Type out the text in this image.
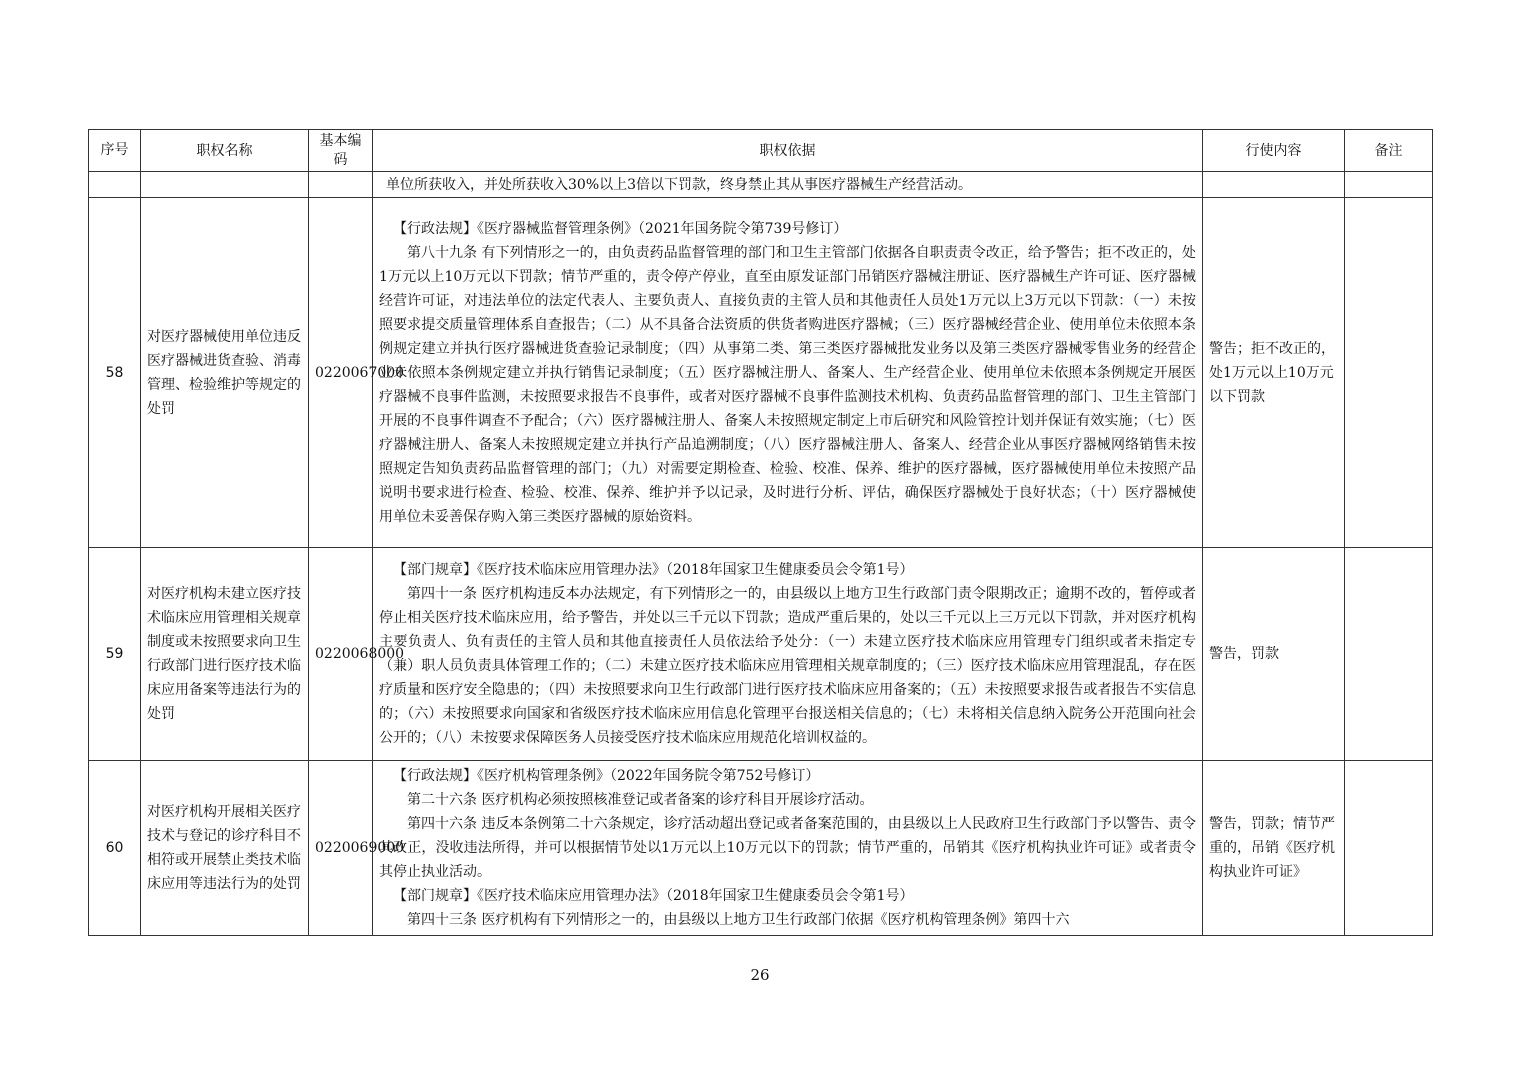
序号	职权名称	基本编码	职权依据	行使内容	备注

			单位所获收入，并处所获收入30%以上3倍以下罚款，终身禁止其从事医疗器械生产经营活动。		

58	对医疗器械使用单位违反医疗器械进货查验、消毒管理、检验维护等规定的处罚	0220067000	【行政法规】《医疗器械监督管理条例》（2021年国务院令第739号修订）

第八十九条 有下列情形之一的，由负责药品监督管理的部门和卫生主管部门依据各自职责责令改正，给予警告；拒不改正的，处1万元以上10万元以下罚款；情节严重的，责令停产停业，直至由原发证部门吊销医疗器械注册证、医疗器械生产许可证、医疗器械经营许可证，对违法单位的法定代表人、主要负责人、直接负责的主管人员和其他责任人员处1万元以上3万元以下罚款：（一）未按照要求提交质量管理体系自查报告；（二）从不具备合法资质的供货者购进医疗器械；（三）医疗器械经营企业、使用单位未依照本条例规定建立并执行医疗器械进货查验记录制度；（四）从事第二类、第三类医疗器械批发业务以及第三类医疗器械零售业务的经营企业未依照本条例规定建立并执行销售记录制度；（五）医疗器械注册人、备案人、生产经营企业、使用单位未依照本条例规定开展医疗器械不良事件监测，未按照要求报告不良事件，或者对医疗器械不良事件监测技术机构、负责药品监督管理的部门、卫生主管部门开展的不良事件调查不予配合；（六）医疗器械注册人、备案人未按照规定制定上市后研究和风险管控计划并保证有效实施；（七）医疗器械注册人、备案人未按照规定建立并执行产品追溯制度；（八）医疗器械注册人、备案人、经营企业从事医疗器械网络销售未按照规定告知负责药品监督管理的部门；（九）对需要定期检查、检验、校准、保养、维护的医疗器械，医疗器械使用单位未按照产品说明书要求进行检查、检验、校准、保养、维护并予以记录，及时进行分析、评估，确保医疗器械处于良好状态；（十）医疗器械使用单位未妥善保存购入第三类医疗器械的原始资料。	警告；拒不改正的，处1万元以上10万元以下罚款	
59	对医疗机构未建立医疗技术临床应用管理相关规章制度或未按照要求向卫生行政部门进行医疗技术临床应用备案等违法行为的处罚	0220068000	【部门规章】《医疗技术临床应用管理办法》（2018年国家卫生健康委员会令第1号）

第四十一条 医疗机构违反本办法规定，有下列情形之一的，由县级以上地方卫生行政部门责令限期改正；逾期不改的，暂停或者停止相关医疗技术临床应用，给予警告，并处以三千元以下罚款；造成严重后果的，处以三千元以上三万元以下罚款，并对医疗机构主要负责人、负有责任的主管人员和其他直接责任人员依法给予处分：（一）未建立医疗技术临床应用管理专门组织或者未指定专（兼）职人员负责具体管理工作的；（二）未建立医疗技术临床应用管理相关规章制度的；（三）医疗技术临床应用管理混乱，存在医疗质量和医疗安全隐患的；（四）未按照要求向卫生行政部门进行医疗技术临床应用备案的；（五）未按照要求报告或者报告不实信息的；（六）未按照要求向国家和省级医疗技术临床应用信息化管理平台报送相关信息的；（七）未将相关信息纳入院务公开范围向社会公开的；（八）未按要求保障医务人员接受医疗技术临床应用规范化培训权益的。	警告，罚款	
60	对医疗机构开展相关医疗技术与登记的诊疗科目不相符或开展禁止类技术临床应用等违法行为的处罚	0220069000	【行政法规】《医疗机构管理条例》（2022年国务院令第752号修订）

第二十六条 医疗机构必须按照核准登记或者备案的诊疗科目开展诊疗活动。

第四十六条 违反本条例第二十六条规定，诊疗活动超出登记或者备案范围的，由县级以上人民政府卫生行政部门予以警告、责令其改正，没收违法所得，并可以根据情节处以1万元以上10万元以下的罚款；情节严重的，吊销其《医疗机构执业许可证》或者责令其停止执业活动。

【部门规章】《医疗技术临床应用管理办法》（2018年国家卫生健康委员会令第1号）

第四十三条 医疗机构有下列情形之一的，由县级以上地方卫生行政部门依据《医疗机构管理条例》第四十六	警告，罚款；情节严重的，吊销《医疗机构执业许可证》	
26
